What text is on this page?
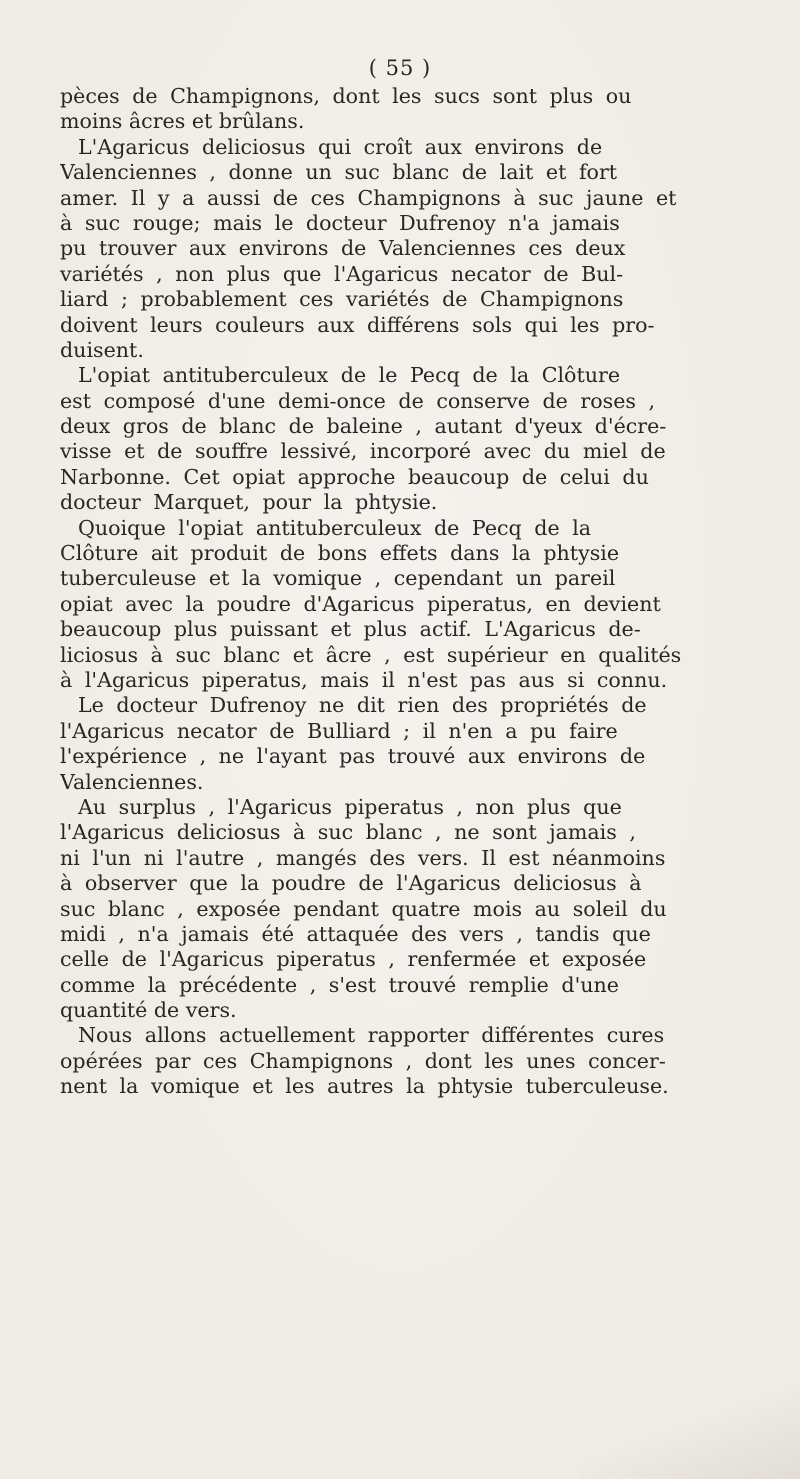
( 55 )
pèces de Champignons, dont les sucs sont plus ou
moins âcres et brûlans.
L'Agaricus deliciosus qui croît aux environs de
Valenciennes , donne un suc blanc de lait et fort
amer. Il y a aussi de ces Champignons à suc jaune et
à suc rouge; mais le docteur Dufrenoy n'a jamais
pu trouver aux environs de Valenciennes ces deux
variétés , non plus que l'Agaricus necator de Bul-
liard ; probablement ces variétés de Champignons
doivent leurs couleurs aux différens sols qui les pro-
duisent.
L'opiat antituberculeux de le Pecq de la Clôture
est composé d'une demi-once de conserve de roses ,
deux gros de blanc de baleine , autant d'yeux d'écre-
visse et de souffre lessivé, incorporé avec du miel de
Narbonne. Cet opiat approche beaucoup de celui du
docteur Marquet, pour la phtysie.
Quoique l'opiat antituberculeux de Pecq de la
Clôture ait produit de bons effets dans la phtysie
tuberculeuse et la vomique , cependant un pareil
opiat avec la poudre d'Agaricus piperatus, en devient
beaucoup plus puissant et plus actif. L'Agaricus de-
liciosus à suc blanc et âcre , est supérieur en qualités
à l'Agaricus piperatus, mais il n'est pas aus si connu.
Le docteur Dufrenoy ne dit rien des propriétés de
l'Agaricus necator de Bulliard ; il n'en a pu faire
l'expérience , ne l'ayant pas trouvé aux environs de
Valenciennes.
Au surplus , l'Agaricus piperatus , non plus que
l'Agaricus deliciosus à suc blanc , ne sont jamais ,
ni l'un ni l'autre , mangés des vers. Il est néanmoins
à observer que la poudre de l'Agaricus deliciosus à
suc blanc , exposée pendant quatre mois au soleil du
midi , n'a jamais été attaquée des vers , tandis que
celle de l'Agaricus piperatus , renfermée et exposée
comme la précédente , s'est trouvé remplie d'une
quantité de vers.
Nous allons actuellement rapporter différentes cures
opérées par ces Champignons , dont les unes concer-
nent la vomique et les autres la phtysie tuberculeuse.
